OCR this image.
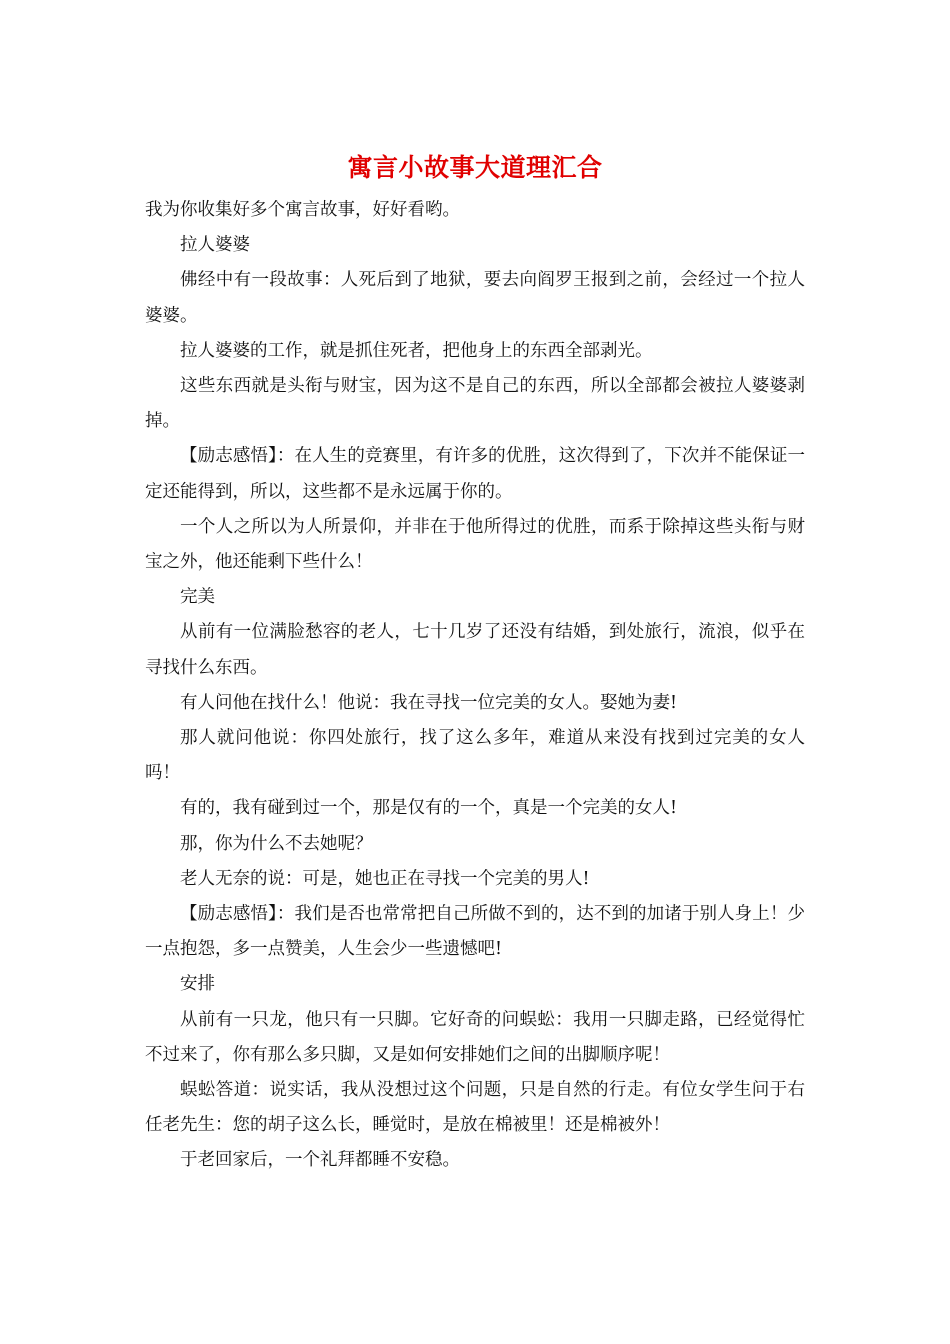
寓言小故事大道理汇合

我为你收集好多个寓言故事，好好看哟。

拉人婆婆

佛经中有一段故事：人死后到了地狱，要去向阎罗王报到之前，会经过一个拉人婆婆。

拉人婆婆的工作，就是抓住死者，把他身上的东西全部剥光。

这些东西就是头衔与财宝，因为这不是自己的东西，所以全部都会被拉人婆婆剥掉。

【励志感悟】：在人生的竞赛里，有许多的优胜，这次得到了，下次并不能保证一定还能得到，所以，这些都不是永远属于你的。

一个人之所以为人所景仰，并非在于他所得过的优胜，而系于除掉这些头衔与财宝之外，他还能剩下些什么！

完美

从前有一位满脸愁容的老人，七十几岁了还没有结婚，到处旅行，流浪，似乎在寻找什么东西。

有人问他在找什么！他说：我在寻找一位完美的女人。娶她为妻!

那人就问他说：你四处旅行，找了这么多年，难道从来没有找到过完美的女人吗！

有的，我有碰到过一个，那是仅有的一个，真是一个完美的女人!

那，你为什么不去她呢？

老人无奈的说：可是，她也正在寻找一个完美的男人!

【励志感悟】：我们是否也常常把自己所做不到的，达不到的加诸于别人身上！少一点抱怨，多一点赞美，人生会少一些遗憾吧!

安排

从前有一只龙，他只有一只脚。它好奇的问蜈蚣：我用一只脚走路，已经觉得忙不过来了，你有那么多只脚，又是如何安排她们之间的出脚顺序呢！

蜈蚣答道：说实话，我从没想过这个问题，只是自然的行走。有位女学生问于右任老先生：您的胡子这么长，睡觉时，是放在棉被里！还是棉被外！

于老回家后，一个礼拜都睡不安稳。
